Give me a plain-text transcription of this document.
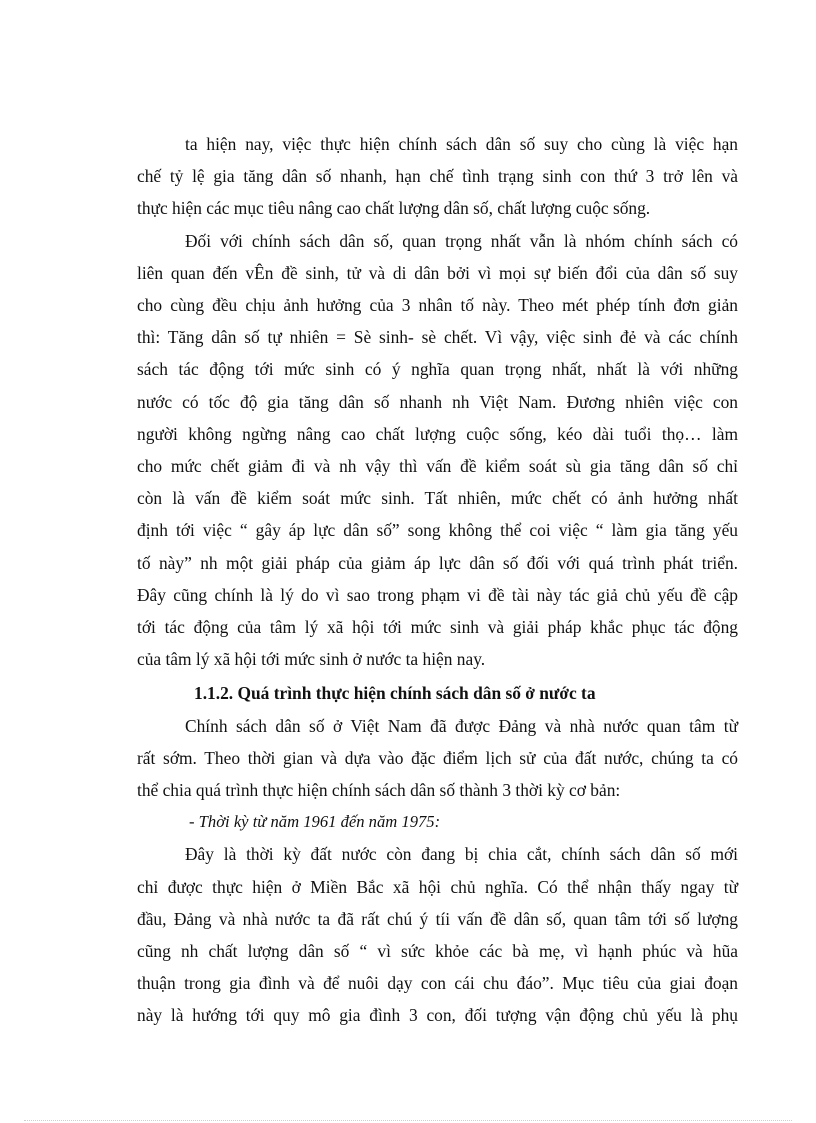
ta hiện nay, việc thực hiện chính sách dân số suy cho cùng là việc hạn
chế tỷ lệ gia tăng dân số nhanh, hạn chế tình trạng sinh con thứ 3 trở lên và
thực hiện các mục tiêu nâng cao chất lượng dân số, chất lượng cuộc sống.

Đối với chính sách dân số, quan trọng nhất vẫn là nhóm chính sách có
liên quan đến vÊn đề sinh, tử và di dân bởi vì mọi sự biến đổi của dân số suy
cho cùng đều chịu ảnh hưởng của 3 nhân tố này. Theo mét phép tính đơn giản
thì: Tăng dân số tự nhiên = Sè sinh- sè chết. Vì vậy, việc sinh đẻ và các chính
sách tác động tới mức sinh có ý nghĩa quan trọng nhất, nhất là với những
nước có tốc độ gia tăng dân số nhanh nh Việt Nam. Đương nhiên việc con
người không ngừng nâng cao chất lượng cuộc sống, kéo dài tuổi thọ… làm
cho mức chết giảm đi và nh vậy thì vấn đề kiểm soát sù gia tăng dân số chỉ
còn là vấn đề kiểm soát mức sinh. Tất nhiên, mức chết có ảnh hưởng nhất
định tới việc “ gây áp lực dân số” song không thể coi việc “ làm gia tăng yếu
tố này” nh một giải pháp của giảm áp lực dân số đối với quá trình phát triển.
Đây cũng chính là lý do vì sao trong phạm vi đề tài này tác giả chủ yếu đề cập
tới tác động của tâm lý xã hội tới mức sinh và giải pháp khắc phục tác động
của tâm lý xã hội tới mức sinh ở nước ta hiện nay.

1.1.2. Quá trình thực hiện chính sách dân số ở nước ta

Chính sách dân số ở Việt Nam đã được Đảng và nhà nước quan tâm từ
rất sớm. Theo thời gian và dựa vào đặc điểm lịch sử của đất nước, chúng ta có
thể chia quá trình thực hiện chính sách dân số thành 3 thời kỳ cơ bản:

- Thời kỳ từ năm 1961 đến năm 1975:

Đây là thời kỳ đất nước còn đang bị chia cắt, chính sách dân số mới
chỉ được thực hiện ở Miền Bắc xã hội chủ nghĩa. Có thể nhận thấy ngay từ
đầu, Đảng và nhà nước ta đã rất chú ý tíi vấn đề dân số, quan tâm tới số lượng
cũng nh chất lượng dân số “ vì sức khỏe các bà mẹ, vì hạnh phúc và hũa
thuận trong gia đình và để nuôi dạy con cái chu đáo”. Mục tiêu của giai đoạn
này là hướng tới quy mô gia đình 3 con, đối tượng vận động chủ yếu là phụ
